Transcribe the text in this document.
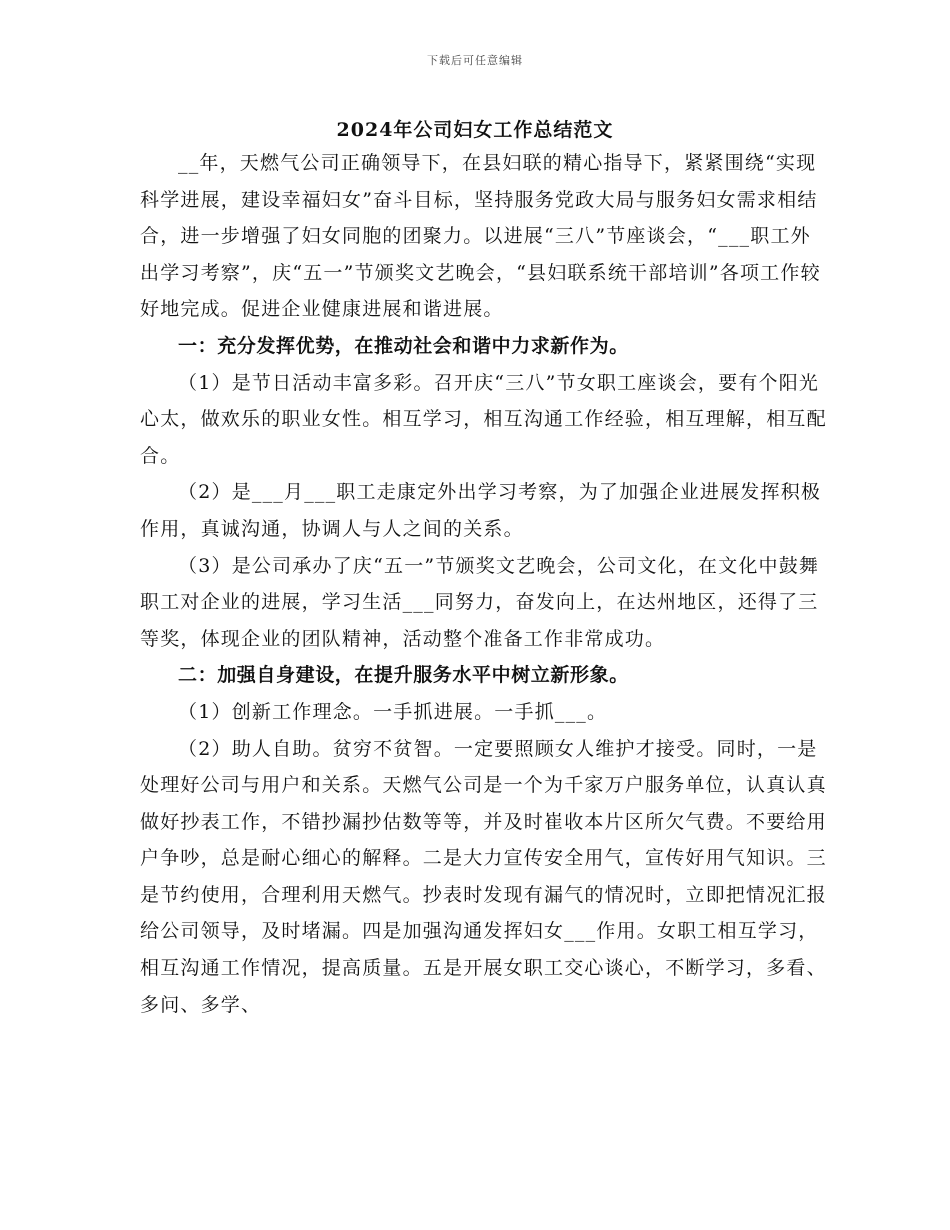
下载后可任意编辑
2024年公司妇女工作总结范文

__年，天燃气公司正确领导下，在县妇联的精心指导下，紧紧围绕“实现科学进展，建设幸福妇女”奋斗目标，坚持服务党政大局与服务妇女需求相结合，进一步增强了妇女同胞的团聚力。以进展“三八”节座谈会，“___职工外出学习考察”，庆“五一”节颁奖文艺晚会，“县妇联系统干部培训”各项工作较好地完成。促进企业健康进展和谐进展。

一：充分发挥优势，在推动社会和谐中力求新作为。

（1）是节日活动丰富多彩。召开庆“三八”节女职工座谈会，要有个阳光心太，做欢乐的职业女性。相互学习，相互沟通工作经验，相互理解，相互配合。

（2）是___月___职工走康定外出学习考察，为了加强企业进展发挥积极作用，真诚沟通，协调人与人之间的关系。

（3）是公司承办了庆“五一”节颁奖文艺晚会，公司文化，在文化中鼓舞职工对企业的进展，学习生活___同努力，奋发向上，在达州地区，还得了三等奖，体现企业的团队精神，活动整个准备工作非常成功。

二：加强自身建设，在提升服务水平中树立新形象。

（1）创新工作理念。一手抓进展。一手抓___。

（2）助人自助。贫穷不贫智。一定要照顾女人维护才接受。同时，一是处理好公司与用户和关系。天燃气公司是一个为千家万户服务单位，认真认真做好抄表工作，不错抄漏抄估数等等，并及时崔收本片区所欠气费。不要给用户争吵，总是耐心细心的解释。二是大力宣传安全用气，宣传好用气知识。三是节约使用，合理利用天燃气。抄表时发现有漏气的情况时，立即把情况汇报给公司领导，及时堵漏。四是加强沟通发挥妇女___作用。女职工相互学习，相互沟通工作情况，提高质量。五是开展女职工交心谈心，不断学习，多看、多问、多学、
